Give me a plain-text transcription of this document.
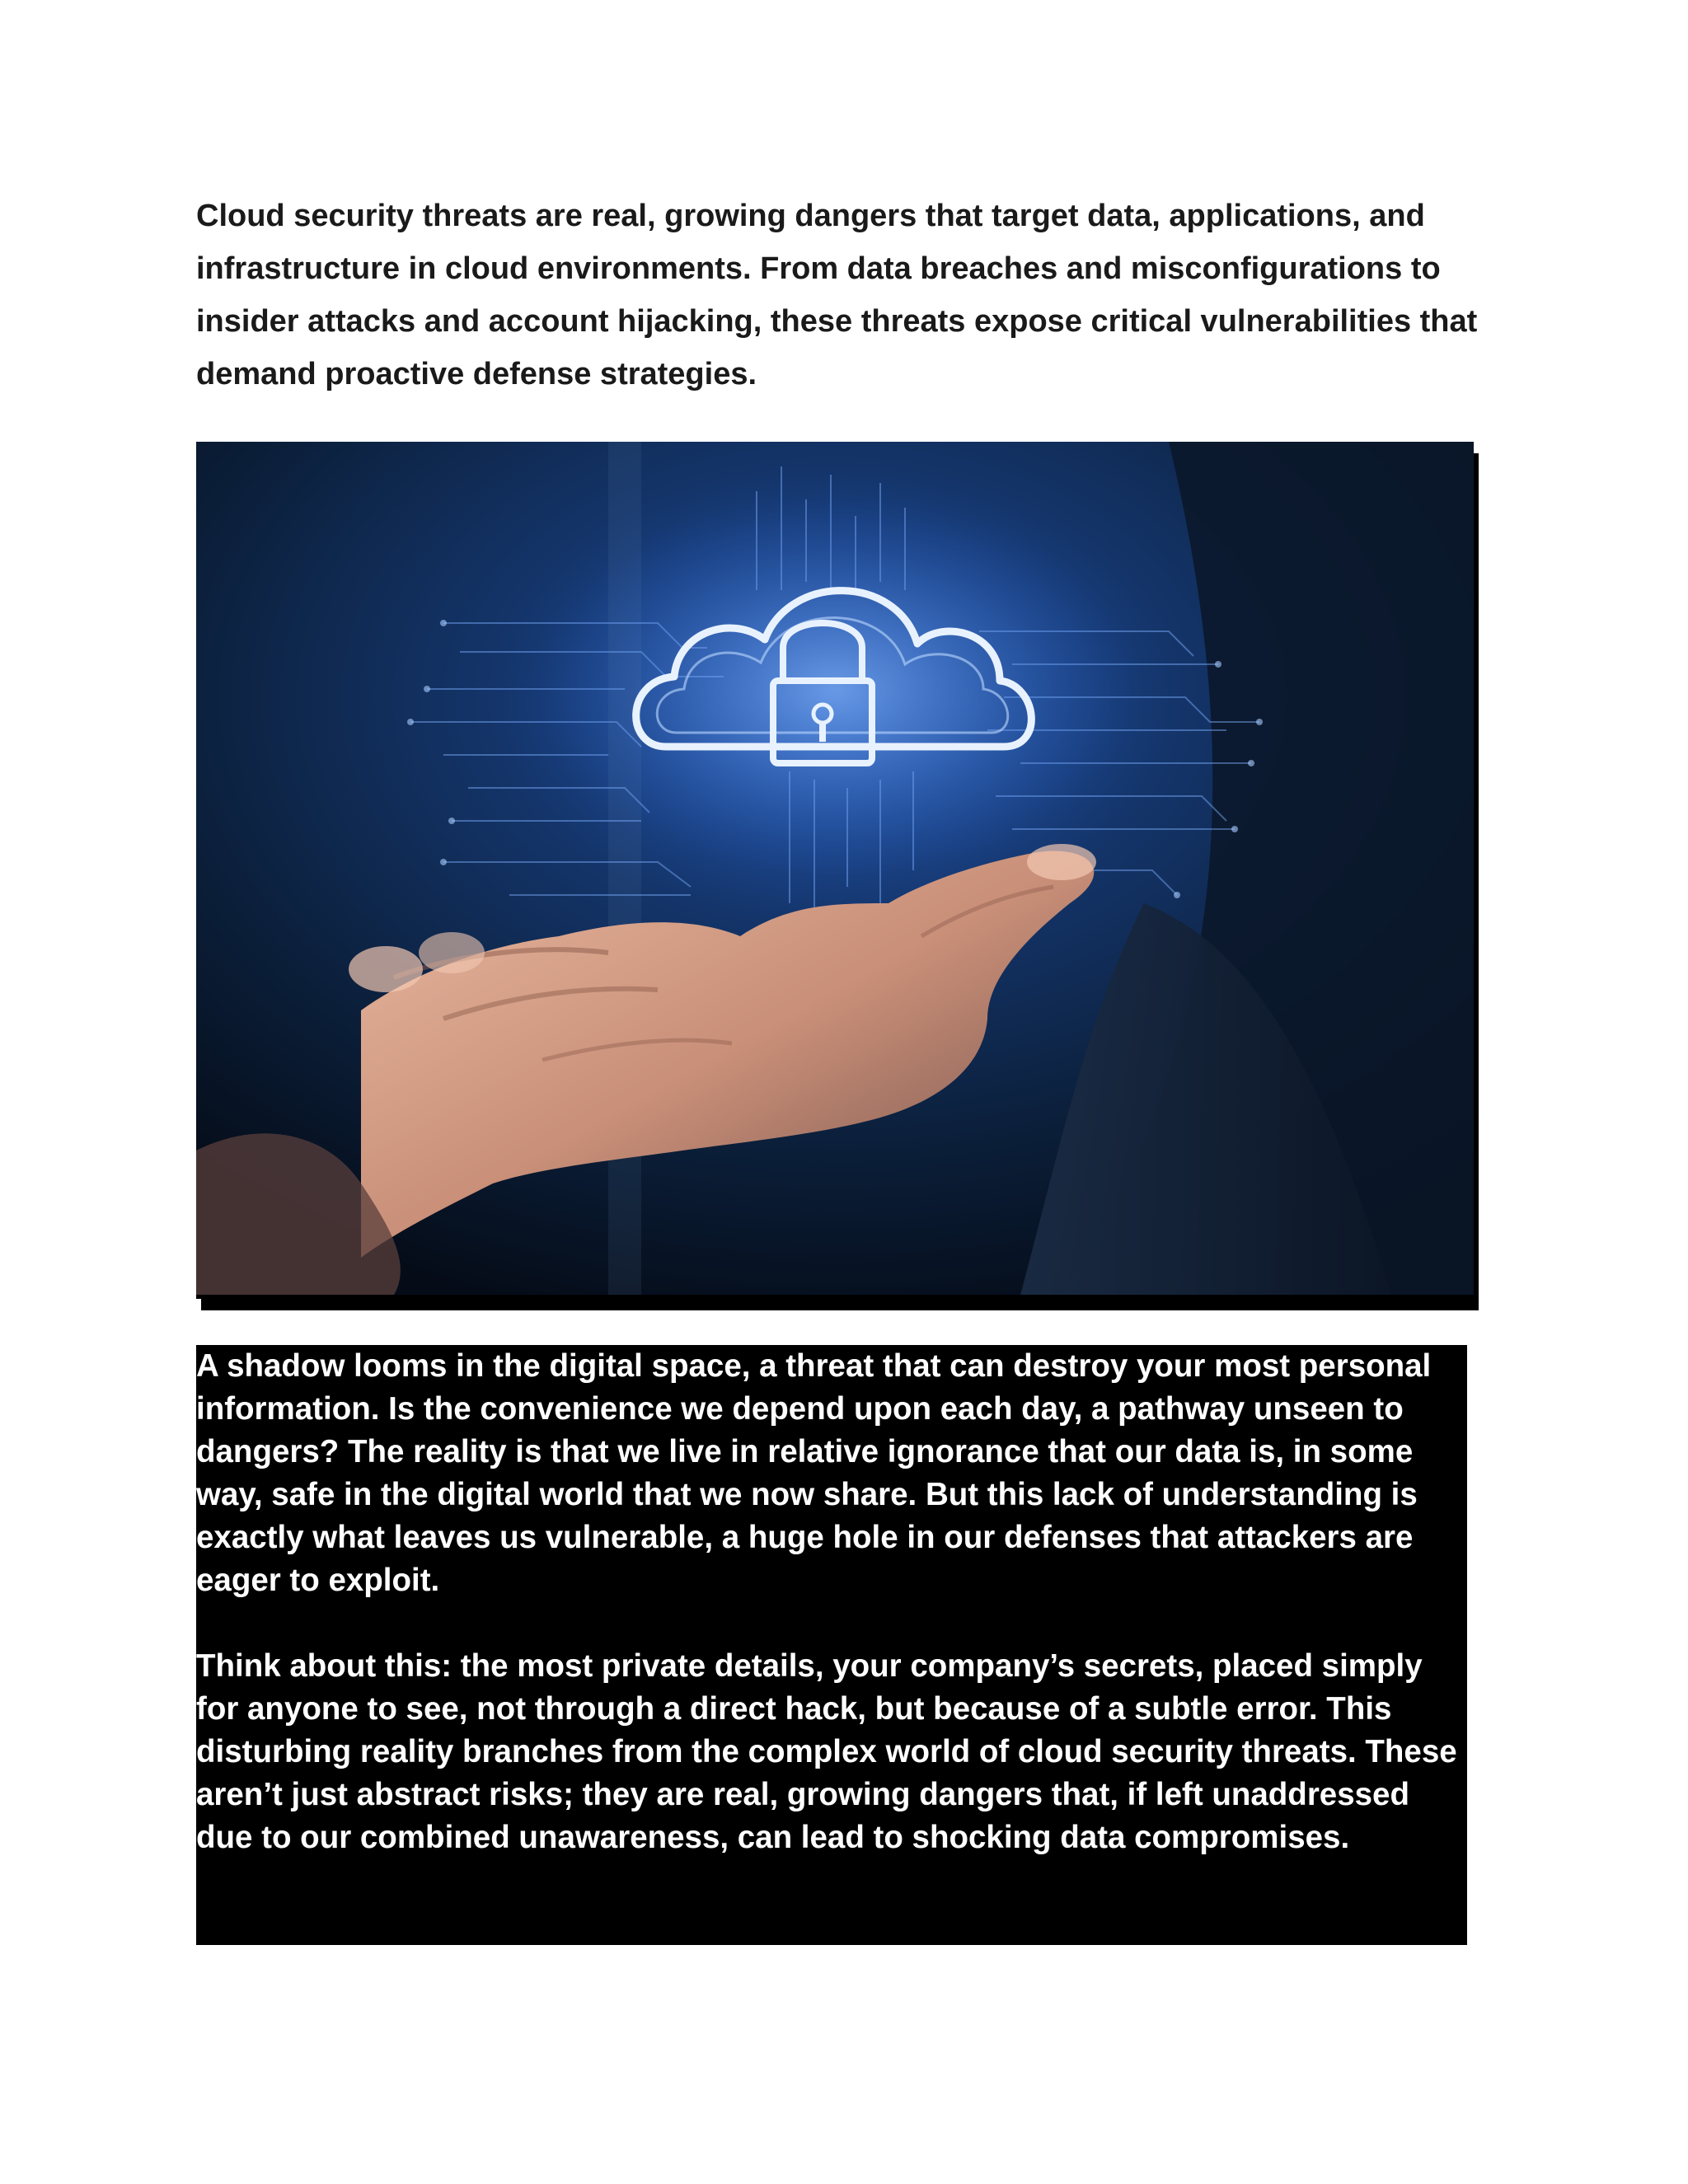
Cloud security threats are real, growing dangers that target data, applications, and infrastructure in cloud environments. From data breaches and misconfigurations to insider attacks and account hijacking, these threats expose critical vulnerabilities that demand proactive defense strategies.

A shadow looms in the digital space, a threat that can destroy your most personal information. Is the convenience we depend upon each day, a pathway unseen to dangers? The reality is that we live in relative ignorance that our data is, in some way, safe in the digital world that we now share. But this lack of understanding is exactly what leaves us vulnerable, a huge hole in our defenses that attackers are eager to exploit.

Think about this: the most private details, your company’s secrets, placed simply for anyone to see, not through a direct hack, but because of a subtle error. This disturbing reality branches from the complex world of cloud security threats. These aren’t just abstract risks; they are real, growing dangers that, if left unaddressed due to our combined unawareness, can lead to shocking data compromises.
